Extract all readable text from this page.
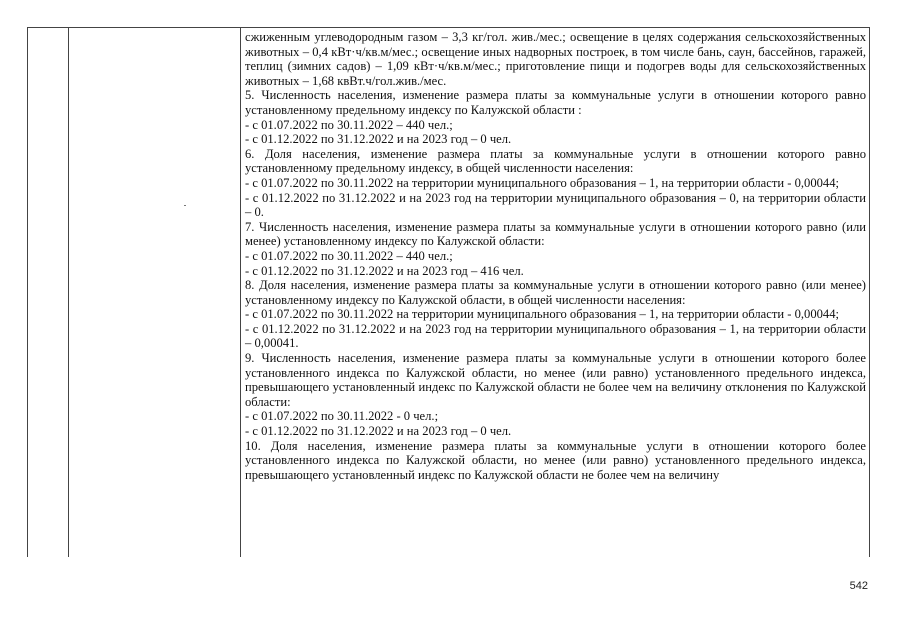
сжиженным углеводородным газом – 3,3 кг/гол. жив./мес.; освещение в целях содержания сельскохозяйственных животных – 0,4 кВт·ч/кв.м/мес.; освещение иных надворных построек, в том числе бань, саун, бассейнов, гаражей, теплиц (зимних садов) – 1,09 кВт·ч/кв.м/мес.; приготовление пищи и подогрев воды для сельскохозяйственных животных – 1,68 квВт.ч/гол.жив./мес.

5. Численность населения, изменение размера платы за коммунальные услуги в отношении которого равно установленному предельному индексу по Калужской области :

- с 01.07.2022 по 30.11.2022 – 440 чел.;

- с 01.12.2022 по 31.12.2022 и на 2023 год – 0 чел.

6. Доля населения, изменение размера платы за коммунальные услуги в отношении которого равно установленному предельному индексу, в общей численности населения:

- с 01.07.2022 по 30.11.2022 на территории муниципального образования – 1, на территории области - 0,00044;

- с 01.12.2022 по 31.12.2022 и на 2023 год на территории муниципального образования – 0, на территории области – 0.

7. Численность населения, изменение размера платы за коммунальные услуги в отношении которого равно (или менее) установленному индексу по Калужской области:

- с 01.07.2022 по 30.11.2022 – 440 чел.;

- с 01.12.2022 по 31.12.2022 и на 2023 год – 416 чел.

8. Доля населения, изменение размера платы за коммунальные услуги в отношении которого равно (или менее) установленному индексу по Калужской области, в общей численности населения:

- с 01.07.2022 по 30.11.2022 на территории муниципального образования – 1, на территории области - 0,00044;

- с 01.12.2022 по 31.12.2022 и на 2023 год на территории муниципального образования – 1, на территории области – 0,00041.

9. Численность населения, изменение размера платы за коммунальные услуги в отношении которого более установленного индекса по Калужской области, но менее (или равно) установленного предельного индекса, превышающего установленный индекс по Калужской области не более чем на величину отклонения по Калужской области:

- с 01.07.2022 по 30.11.2022 - 0 чел.;

- с 01.12.2022 по 31.12.2022 и на 2023 год – 0 чел.

10. Доля населения, изменение размера платы за коммунальные услуги в отношении которого более установленного индекса по Калужской области, но менее (или равно) установленного предельного индекса, превышающего установленный индекс по Калужской области не более чем на величину

542
